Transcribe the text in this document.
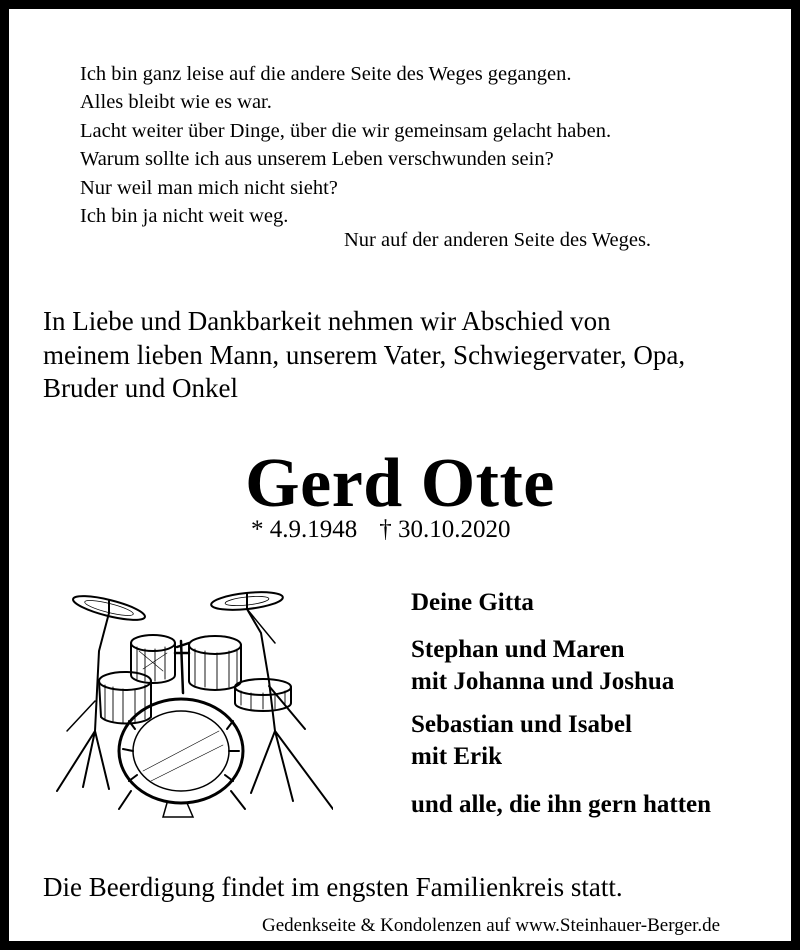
Ich bin ganz leise auf die andere Seite des Weges gegangen.
Alles bleibt wie es war.
Lacht weiter über Dinge, über die wir gemeinsam gelacht haben.
Warum sollte ich aus unserem Leben verschwunden sein?
Nur weil man mich nicht sieht?
Ich bin ja nicht weit weg.
Nur auf der anderen Seite des Weges.
In Liebe und Dankbarkeit nehmen wir Abschied von
meinem lieben Mann, unserem Vater, Schwiegervater, Opa,
Bruder und Onkel
Gerd Otte
* 4.9.1948 † 30.10.2020
Deine Gitta
Stephan und Maren
mit Johanna und Joshua
Sebastian und Isabel
mit Erik
und alle, die ihn gern hatten
Die Beerdigung findet im engsten Familienkreis statt.
Gedenkseite & Kondolenzen auf www.Steinhauer-Berger.de
